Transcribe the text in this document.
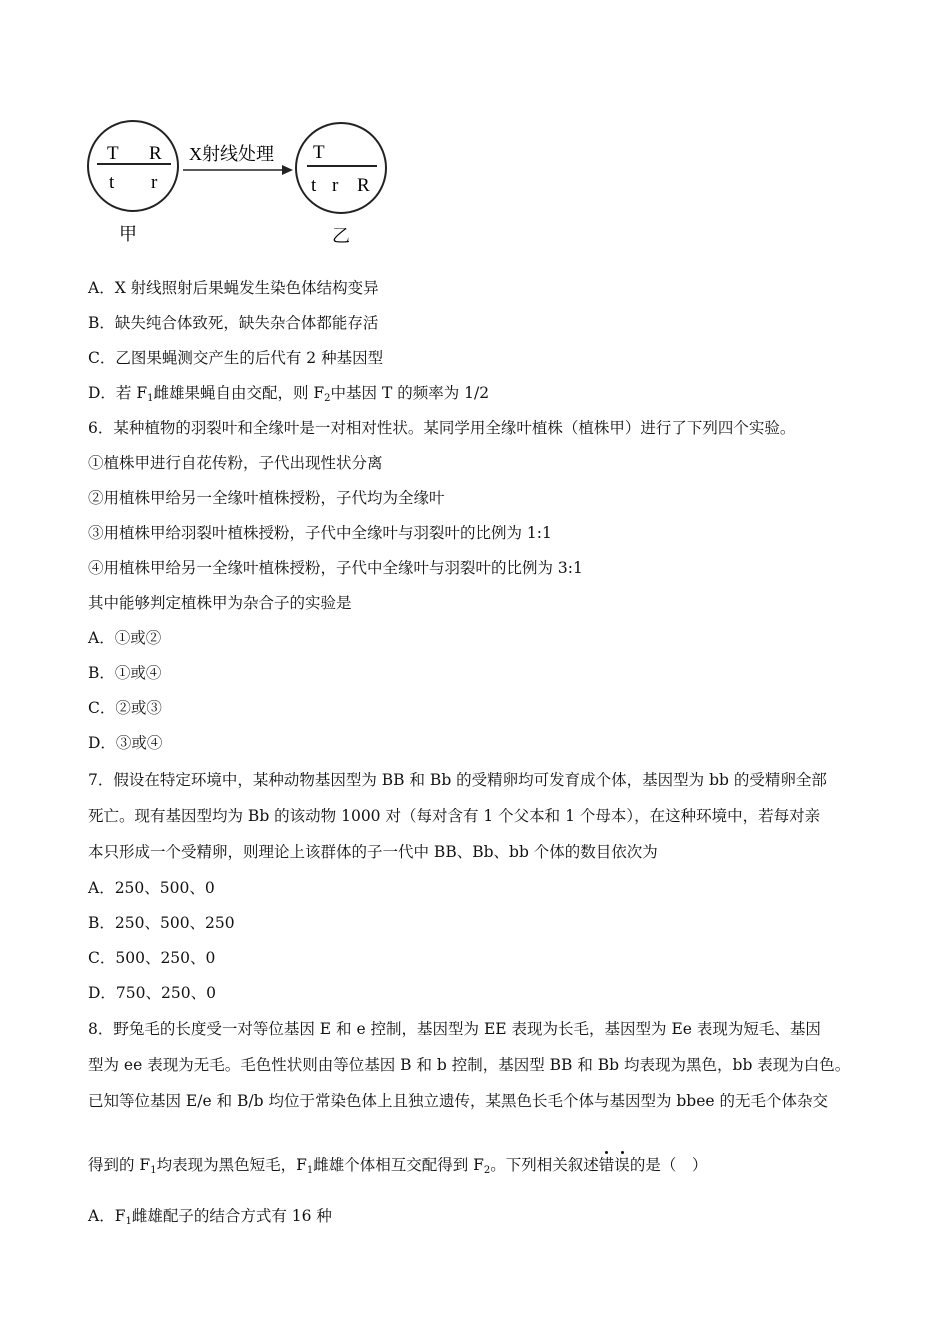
T R
t r
X射线处理 T
t r R
甲	乙
A．X 射线照射后果蝇发生染色体结构变异
B．缺失纯合体致死，缺失杂合体都能存活
C．乙图果蝇测交产生的后代有 2 种基因型
D．若 $F_1$雌雄果蝇自由交配，则 $F_2$中基因 T 的频率为 1/2
6．某种植物的羽裂叶和全缘叶是一对相对性状。某同学用全缘叶植株（植株甲）进行了下列四个实验。
①植株甲进行自花传粉，子代出现性状分离
②用植株甲给另一全缘叶植株授粉，子代均为全缘叶
③用植株甲给羽裂叶植株授粉，子代中全缘叶与羽裂叶的比例为 1:1
④用植株甲给另一全缘叶植株授粉，子代中全缘叶与羽裂叶的比例为 3:1
其中能够判定植株甲为杂合子的实验是
A．①或②
B．①或④
C．②或③
D．③或④
7．假设在特定环境中，某种动物基因型为 BB 和 Bb 的受精卵均可发育成个体，基因型为 bb 的受精卵全部
死亡。现有基因型均为 Bb 的该动物 1000 对（每对含有 1 个父本和 1 个母本），在这种环境中，若每对亲
本只形成一个受精卵，则理论上该群体的子一代中 BB、Bb、bb 个体的数目依次为
A．250、500、0
B．250、500、250
C．500、250、0
D．750、250、0
8．野兔毛的长度受一对等位基因 E 和 e 控制，基因型为 EE 表现为长毛，基因型为 Ee 表现为短毛、基因
型为 ee 表现为无毛。毛色性状则由等位基因 B 和 b 控制，基因型 BB 和 Bb 均表现为黑色，bb 表现为白色。
已知等位基因 E/e 和 B/b 均位于常染色体上且独立遗传，某黑色长毛个体与基因型为 bbee 的无毛个体杂交
得到的 $F_1$均表现为黑色短毛，$F_1$雌雄个体相互交配得到 $F_2$。下列相关叙述错误的是（　）
A．$F_1$雌雄配子的结合方式有 16 种
